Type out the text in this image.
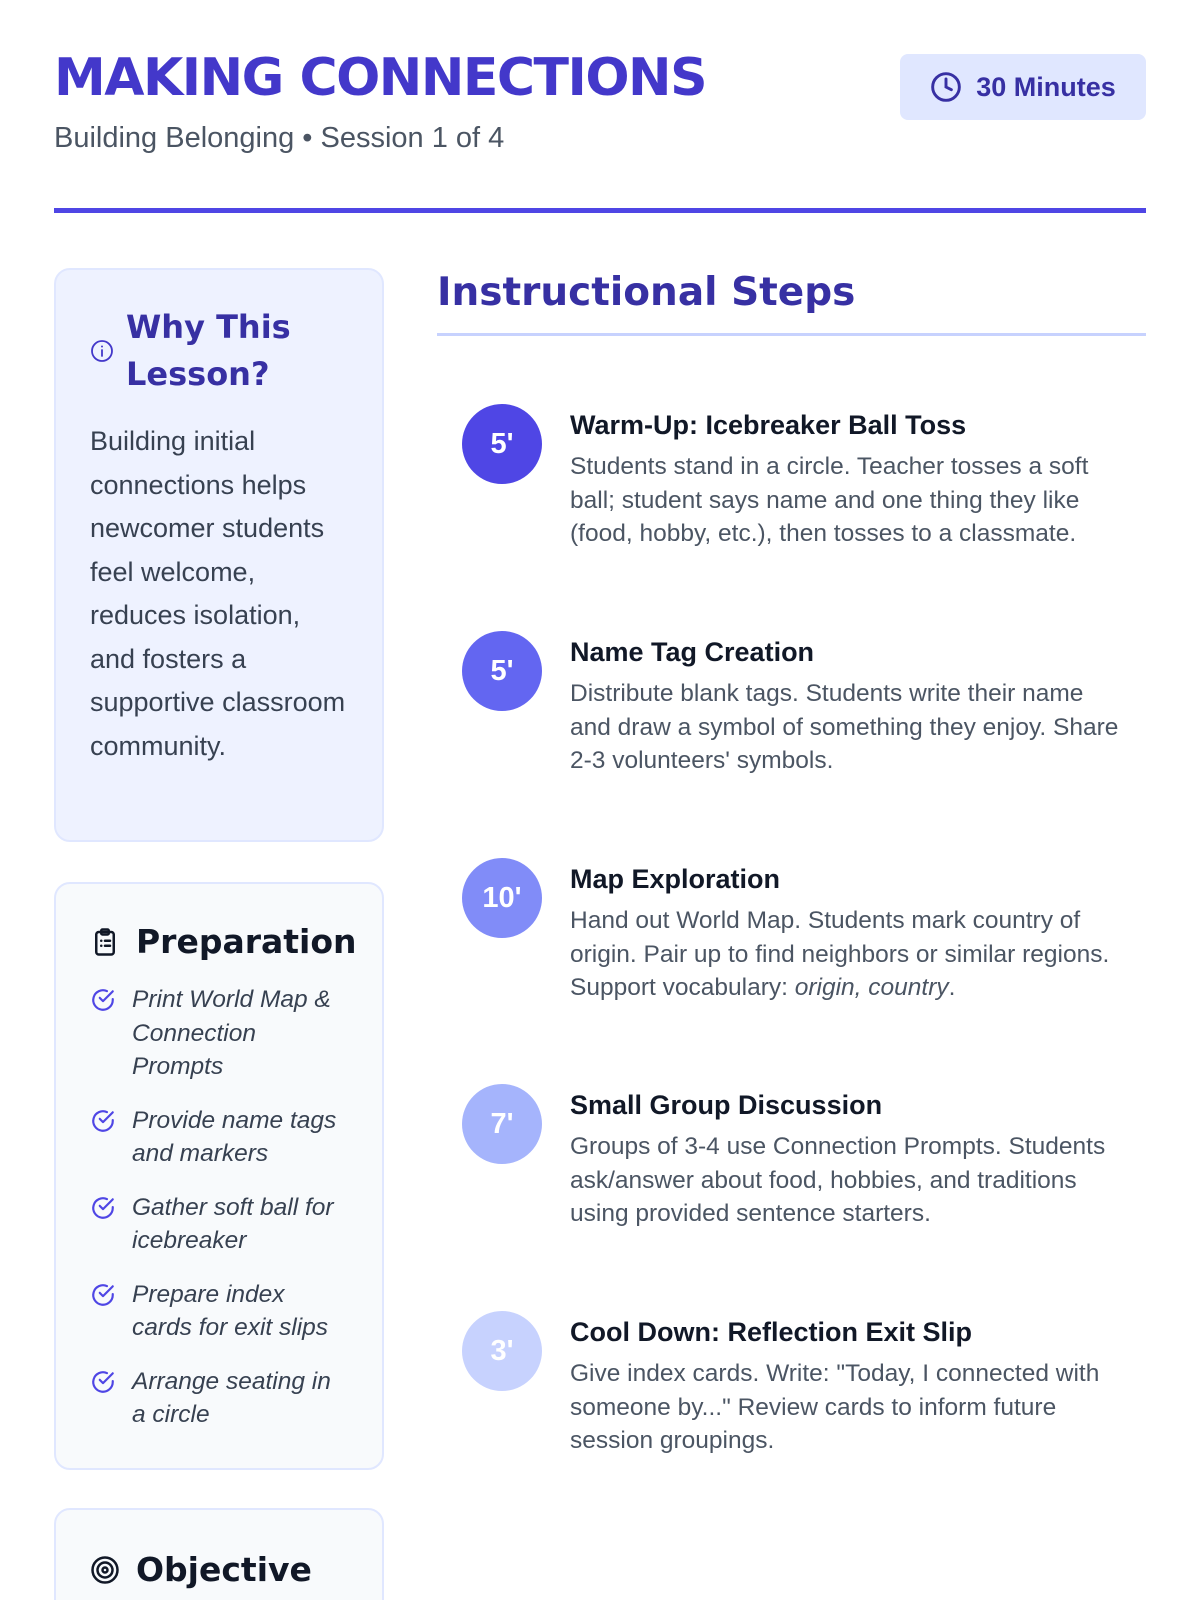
MAKING CONNECTIONS
Building Belonging • Session 1 of 4
30 Minutes
Why This Lesson?

Building initial connections helps newcomer students feel welcome, reduces isolation, and fosters a supportive classroom community.

Preparation
Print World Map & Connection Prompts
Provide name tags and markers
Gather soft ball for icebreaker
Prepare index cards for exit slips
Arrange seating in a circle
Objective
Instructional Steps
5'
Warm-Up: Icebreaker Ball Toss
Students stand in a circle. Teacher tosses a soft ball; student says name and one thing they like (food, hobby, etc.), then tosses to a classmate.
5'
Name Tag Creation
Distribute blank tags. Students write their name and draw a symbol of something they enjoy. Share 2-3 volunteers' symbols.
10'
Map Exploration
Hand out World Map. Students mark country of origin. Pair up to find neighbors or similar regions. Support vocabulary: origin, country.
7'
Small Group Discussion
Groups of 3-4 use Connection Prompts. Students ask/answer about food, hobbies, and traditions using provided sentence starters.
3'
Cool Down: Reflection Exit Slip
Give index cards. Write: "Today, I connected with someone by..." Review cards to inform future session groupings.
